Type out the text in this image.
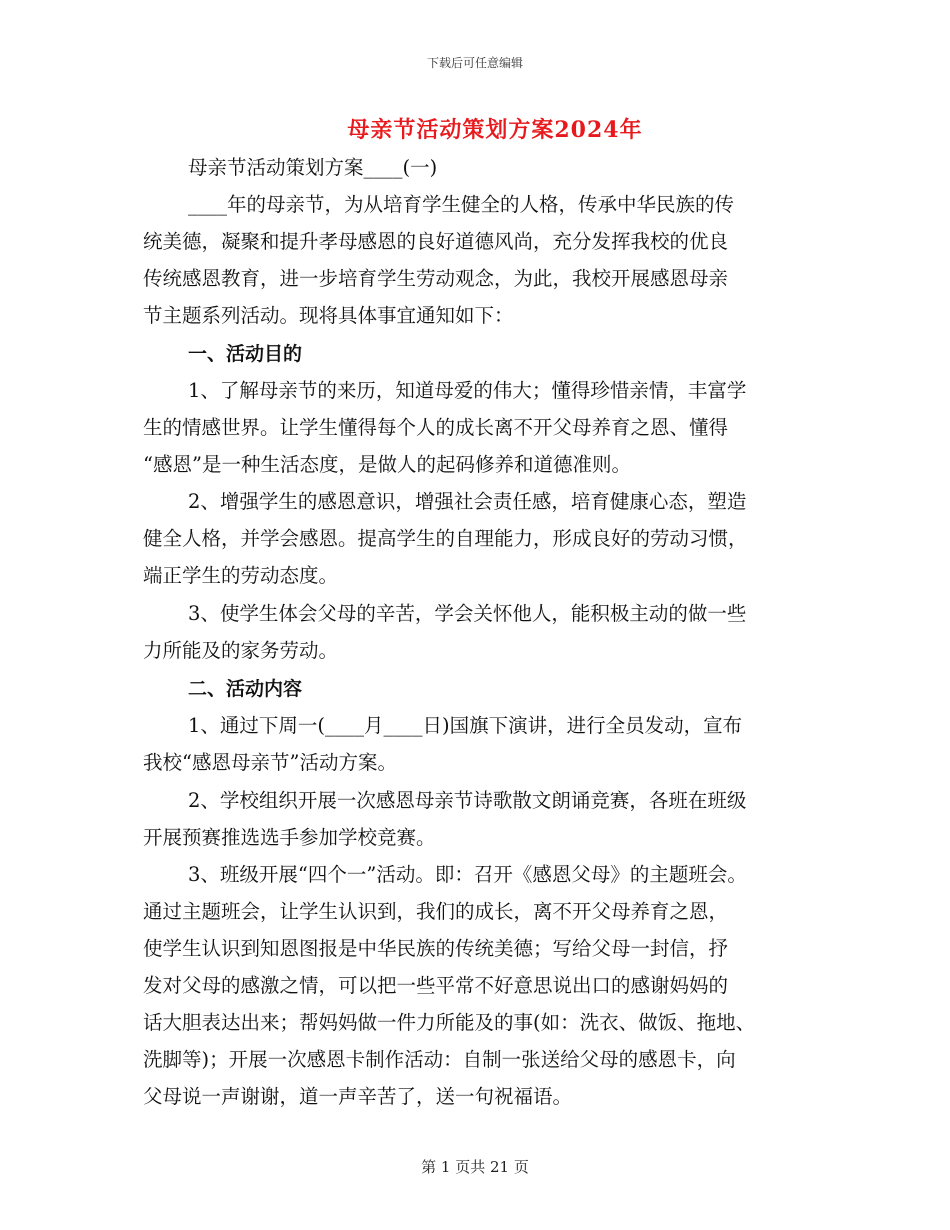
下载后可任意编辑
母亲节活动策划方案2024年
母亲节活动策划方案____(一)
____年的母亲节，为从培育学生健全的人格，传承中华民族的传
统美德，凝聚和提升孝母感恩的良好道德风尚，充分发挥我校的优良
传统感恩教育，进一步培育学生劳动观念，为此，我校开展感恩母亲
节主题系列活动。现将具体事宜通知如下：
一、活动目的
1、了解母亲节的来历，知道母爱的伟大；懂得珍惜亲情，丰富学
生的情感世界。让学生懂得每个人的成长离不开父母养育之恩、懂得
“感恩”是一种生活态度，是做人的起码修养和道德准则。
2、增强学生的感恩意识，增强社会责任感，培育健康心态，塑造
健全人格，并学会感恩。提高学生的自理能力，形成良好的劳动习惯，
端正学生的劳动态度。
3、使学生体会父母的辛苦，学会关怀他人，能积极主动的做一些
力所能及的家务劳动。
二、活动内容
1、通过下周一(____月____日)国旗下演讲，进行全员发动，宣布
我校“感恩母亲节”活动方案。
2、学校组织开展一次感恩母亲节诗歌散文朗诵竞赛，各班在班级
开展预赛推选选手参加学校竞赛。
3、班级开展“四个一”活动。即：召开《感恩父母》的主题班会。
通过主题班会，让学生认识到，我们的成长，离不开父母养育之恩，
使学生认识到知恩图报是中华民族的传统美德；写给父母一封信，抒
发对父母的感激之情，可以把一些平常不好意思说出口的感谢妈妈的
话大胆表达出来；帮妈妈做一件力所能及的事(如：洗衣、做饭、拖地、
洗脚等)；开展一次感恩卡制作活动：自制一张送给父母的感恩卡，向
父母说一声谢谢，道一声辛苦了，送一句祝福语。
第 1 页共 21 页
